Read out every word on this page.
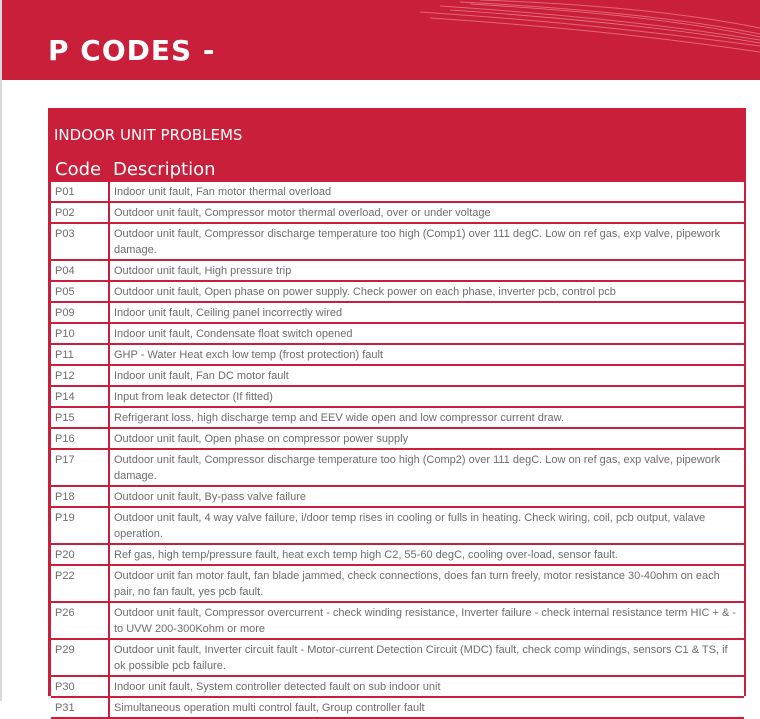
P CODES -
INDOOR UNIT PROBLEMS
Code	Description
P01	Indoor unit fault, Fan motor thermal overload
P02	Outdoor unit fault, Compressor motor thermal overload, over or under voltage
P03	Outdoor unit fault, Compressor discharge temperature too high (Comp1) over 111 degC. Low on ref gas, exp valve, pipework damage.
P04	Outdoor unit fault, High pressure trip
P05	Outdoor unit fault, Open phase on power supply. Check power on each phase, inverter pcb, control pcb
P09	Indoor unit fault, Ceiling panel incorrectly wired
P10	Indoor unit fault, Condensate float switch opened
P11	GHP - Water Heat exch low temp (frost protection) fault
P12	Indoor unit fault, Fan DC motor fault
P14	Input from leak detector (If fitted)
P15	Refrigerant loss, high discharge temp and EEV wide open and low compressor current draw.
P16	Outdoor unit fault, Open phase on compressor power supply
P17	Outdoor unit fault, Compressor discharge temperature too high (Comp2) over 111 degC. Low on ref gas, exp valve, pipework damage.
P18	Outdoor unit fault, By-pass valve failure
P19	Outdoor unit fault, 4 way valve failure, i/door temp rises in cooling or fulls in heating. Check wiring, coil, pcb output, valave operation.
P20	Ref gas, high temp/pressure fault, heat exch temp high C2, 55-60 degC, cooling over-load, sensor fault.
P22	Outdoor unit fan motor fault, fan blade jammed, check connections, does fan turn freely, motor resistance 30-40ohm on each pair, no fan fault, yes pcb fault.
P26	Outdoor unit fault, Compressor overcurrent - check winding resistance, Inverter failure - check internal resistance term HIC + & - to UVW 200-300Kohm or more
P29	Outdoor unit fault, Inverter circuit fault - Motor-current Detection Circuit (MDC) fault, check comp windings, sensors C1 & TS, if ok possible pcb failure.
P30	Indoor unit fault, System controller detected fault on sub indoor unit
P31	Simultaneous operation multi control fault, Group controller fault
